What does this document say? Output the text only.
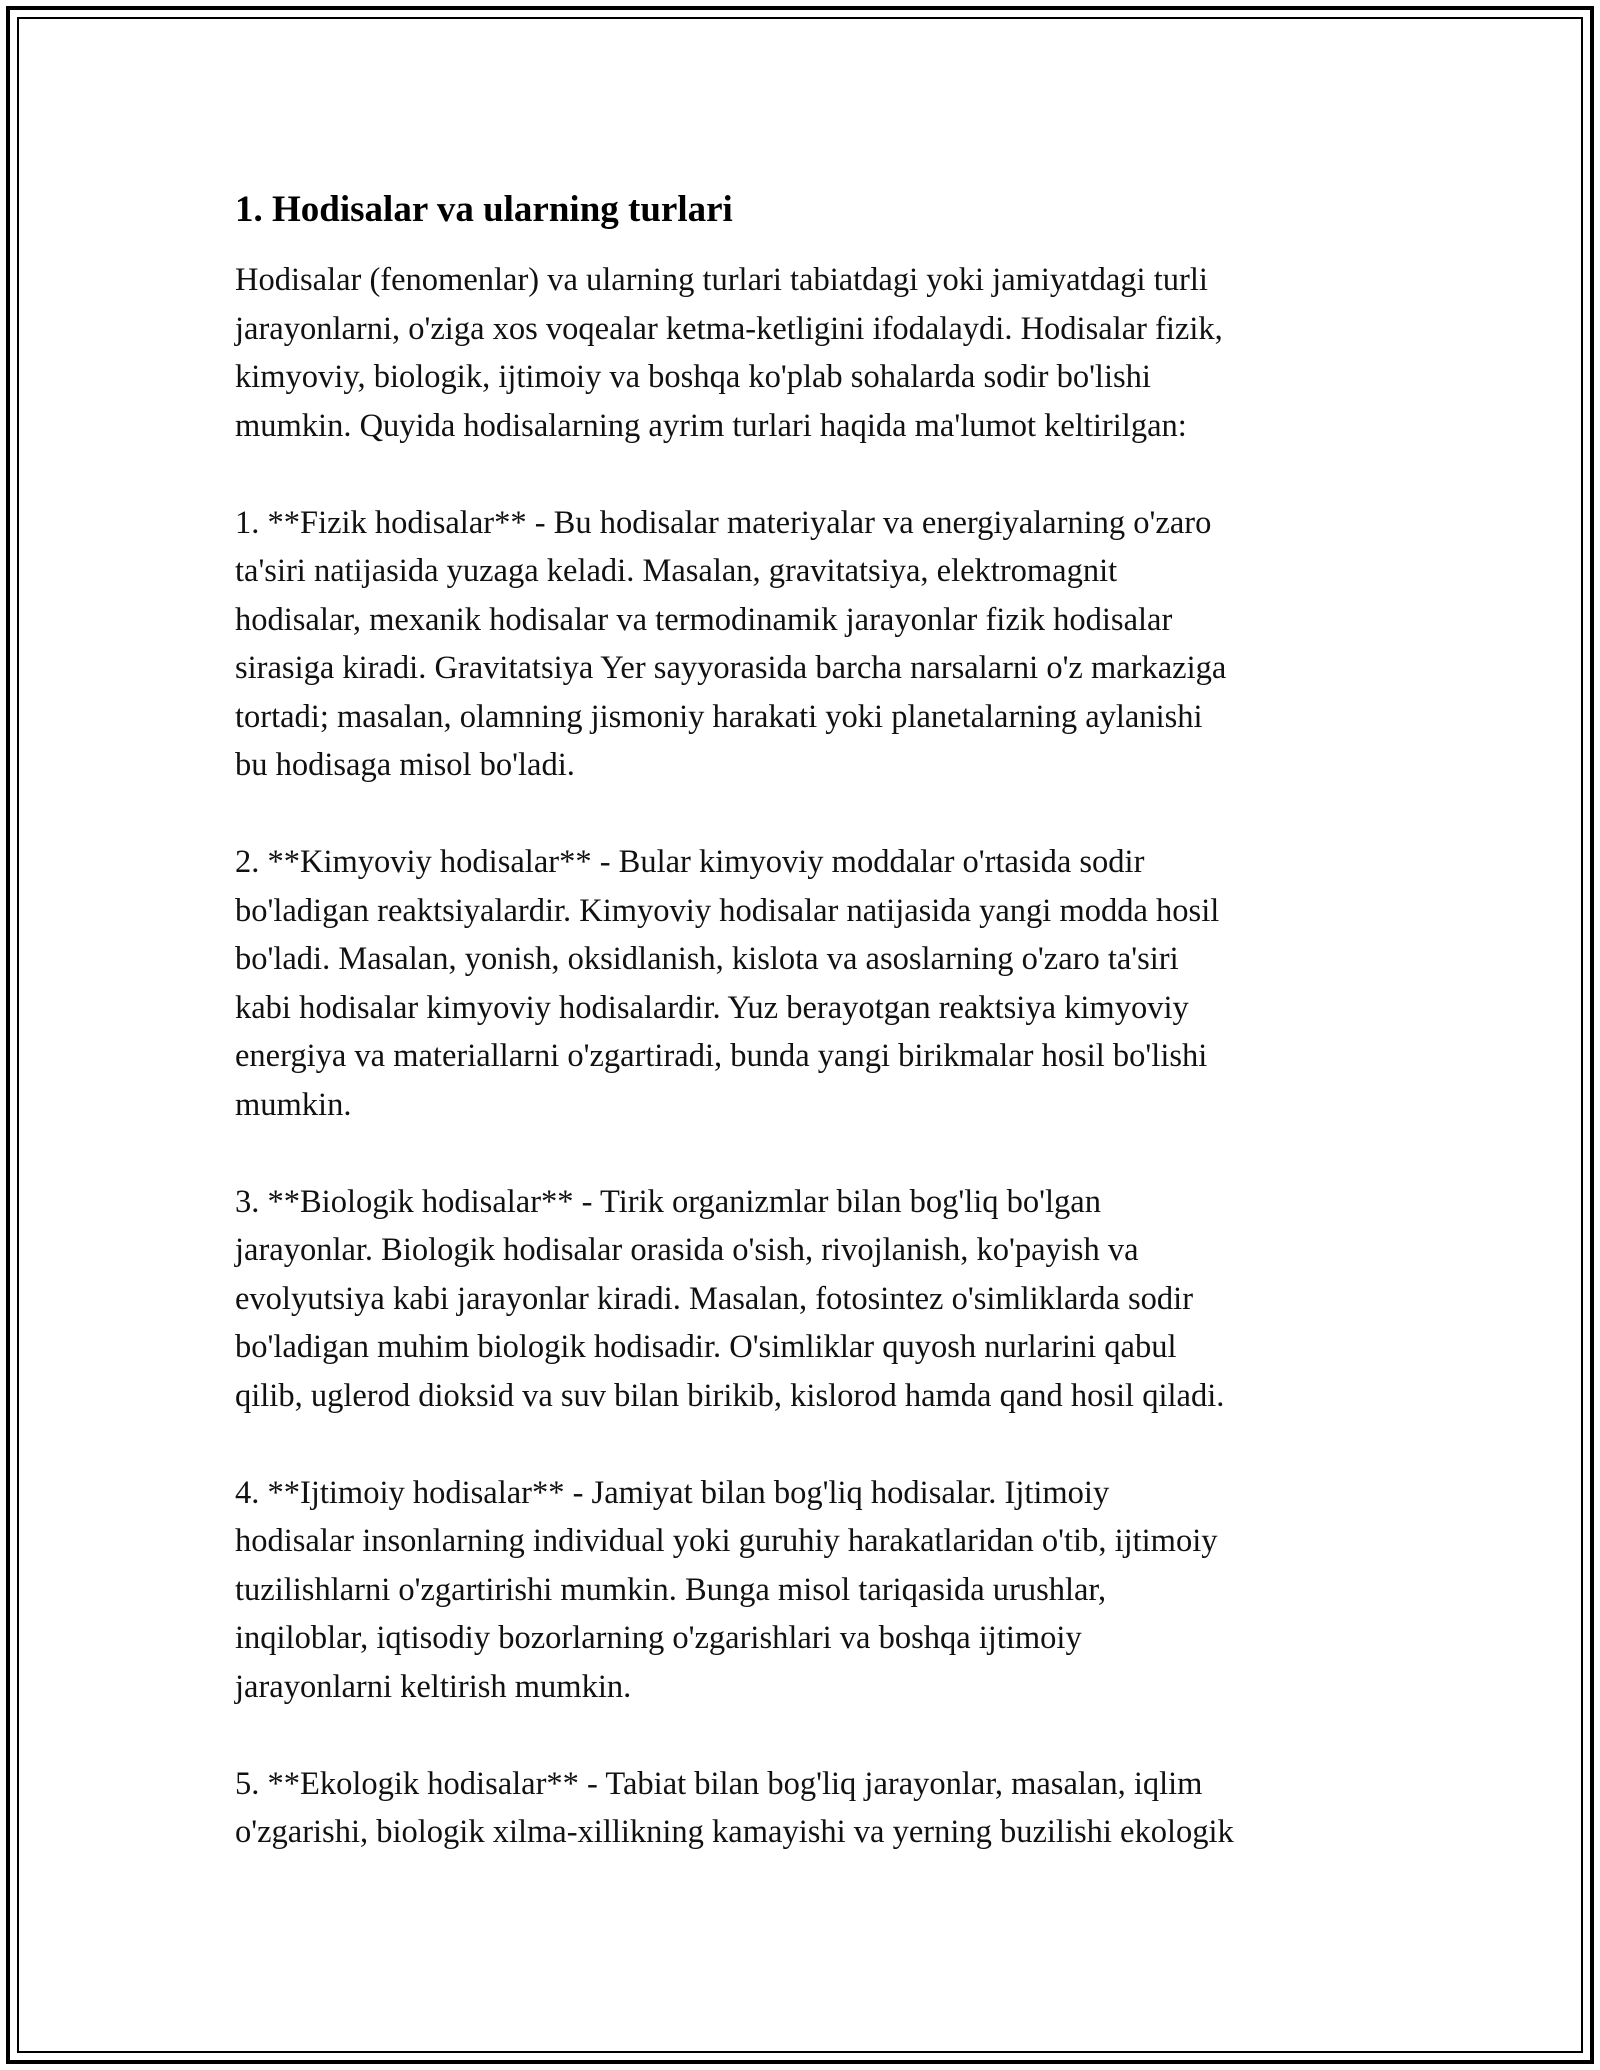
1. Hodisalar va ularning turlari
Hodisalar (fenomenlar) va ularning turlari tabiatdagi yoki jamiyatdagi turli
jarayonlarni, o'ziga xos voqealar ketma-ketligini ifodalaydi. Hodisalar fizik,
kimyoviy, biologik, ijtimoiy va boshqa ko'plab sohalarda sodir bo'lishi
mumkin. Quyida hodisalarning ayrim turlari haqida ma'lumot keltirilgan:
1. **Fizik hodisalar** - Bu hodisalar materiyalar va energiyalarning o'zaro
ta'siri natijasida yuzaga keladi. Masalan, gravitatsiya, elektromagnit
hodisalar, mexanik hodisalar va termodinamik jarayonlar fizik hodisalar
sirasiga kiradi. Gravitatsiya Yer sayyorasida barcha narsalarni o'z markaziga
tortadi; masalan, olamning jismoniy harakati yoki planetalarning aylanishi
bu hodisaga misol bo'ladi.
2. **Kimyoviy hodisalar** - Bular kimyoviy moddalar o'rtasida sodir
bo'ladigan reaktsiyalardir. Kimyoviy hodisalar natijasida yangi modda hosil
bo'ladi. Masalan, yonish, oksidlanish, kislota va asoslarning o'zaro ta'siri
kabi hodisalar kimyoviy hodisalardir. Yuz berayotgan reaktsiya kimyoviy
energiya va materiallarni o'zgartiradi, bunda yangi birikmalar hosil bo'lishi
mumkin.
3. **Biologik hodisalar** - Tirik organizmlar bilan bog'liq bo'lgan
jarayonlar. Biologik hodisalar orasida o'sish, rivojlanish, ko'payish va
evolyutsiya kabi jarayonlar kiradi. Masalan, fotosintez o'simliklarda sodir
bo'ladigan muhim biologik hodisadir. O'simliklar quyosh nurlarini qabul
qilib, uglerod dioksid va suv bilan birikib, kislorod hamda qand hosil qiladi.
4. **Ijtimoiy hodisalar** - Jamiyat bilan bog'liq hodisalar. Ijtimoiy
hodisalar insonlarning individual yoki guruhiy harakatlaridan o'tib, ijtimoiy
tuzilishlarni o'zgartirishi mumkin. Bunga misol tariqasida urushlar,
inqiloblar, iqtisodiy bozorlarning o'zgarishlari va boshqa ijtimoiy
jarayonlarni keltirish mumkin.
5. **Ekologik hodisalar** - Tabiat bilan bog'liq jarayonlar, masalan, iqlim
o'zgarishi, biologik xilma-xillikning kamayishi va yerning buzilishi ekologik
